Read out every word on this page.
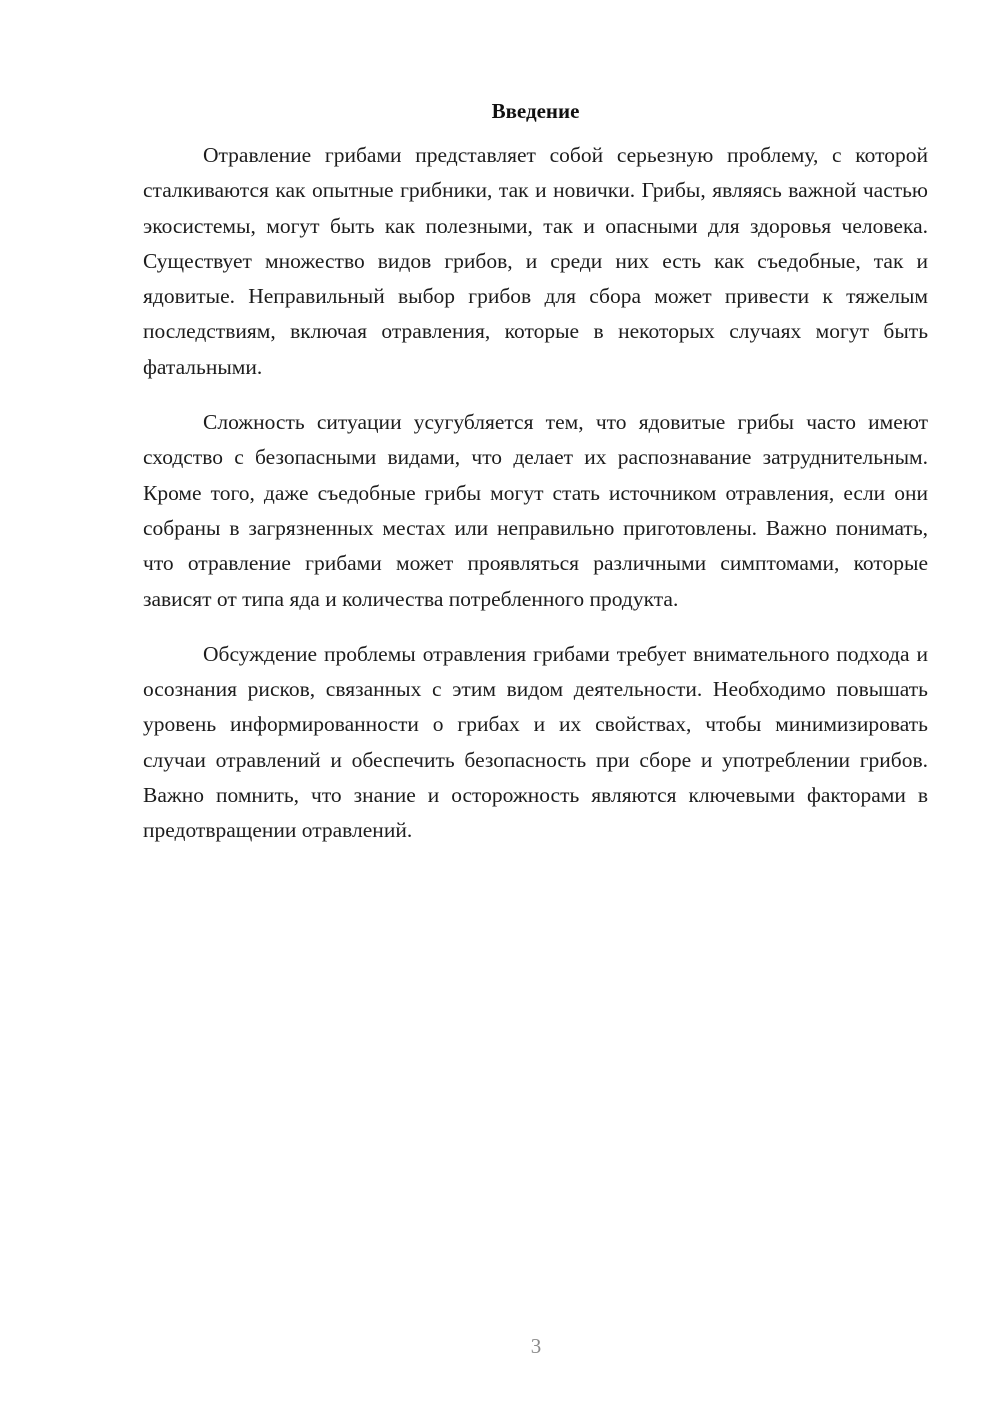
Введение

Отравление грибами представляет собой серьезную проблему, с которой сталкиваются как опытные грибники, так и новички. Грибы, являясь важной частью экосистемы, могут быть как полезными, так и опасными для здоровья человека. Существует множество видов грибов, и среди них есть как съедобные, так и ядовитые. Неправильный выбор грибов для сбора может привести к тяжелым последствиям, включая отравления, которые в некоторых случаях могут быть фатальными.

Сложность ситуации усугубляется тем, что ядовитые грибы часто имеют сходство с безопасными видами, что делает их распознавание затруднительным. Кроме того, даже съедобные грибы могут стать источником отравления, если они собраны в загрязненных местах или неправильно приготовлены. Важно понимать, что отравление грибами может проявляться различными симптомами, которые зависят от типа яда и количества потребленного продукта.

Обсуждение проблемы отравления грибами требует внимательного подхода и осознания рисков, связанных с этим видом деятельности. Необходимо повышать уровень информированности о грибах и их свойствах, чтобы минимизировать случаи отравлений и обеспечить безопасность при сборе и употреблении грибов. Важно помнить, что знание и осторожность являются ключевыми факторами в предотвращении отравлений.

3
